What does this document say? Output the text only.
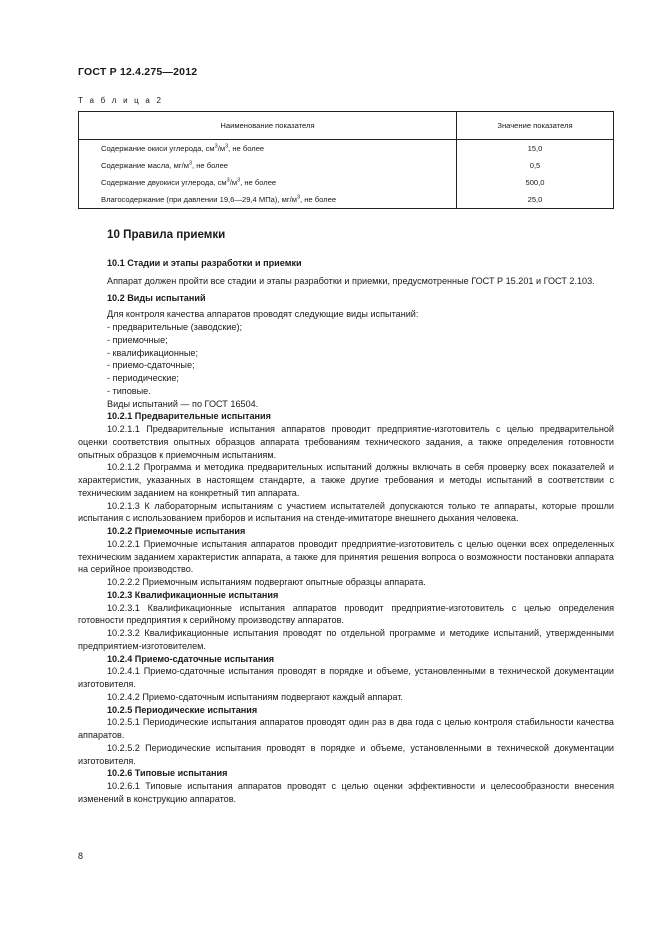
ГОСТ Р 12.4.275—2012
Т а б л и ц а 2
Наименование показателя	Значение показателя
Содержание окиси углерода, $см^3/м^3$, не более	15,0
Содержание масла, $мг/м^3$, не более	0,5
Содержание двуокиси углерода, $см^3/м^3$, не более	500,0
Влагосодержание (при давлении 19,6—29,4 МПа), $мг/м^3$, не более	25,0
10 Правила приемки

10.1 Стадии и этапы разработки и приемки

Аппарат должен пройти все стадии и этапы разработки и приемки, предусмотренные ГОСТ Р 15.201 и ГОСТ 2.103.

10.2 Виды испытаний

Для контроля качества аппаратов проводят следующие виды испытаний:

- предварительные (заводские);

- приемочные;

- квалификационные;

- приемо-сдаточные;

- периодические;

- типовые.

Виды испытаний — по ГОСТ 16504.

10.2.1 Предварительные испытания

10.2.1.1 Предварительные испытания аппаратов проводит предприятие-изготовитель с целью предварительной оценки соответствия опытных образцов аппарата требованиям технического задания, а также определения готовности опытных образцов к приемочным испытаниям.

10.2.1.2 Программа и методика предварительных испытаний должны включать в себя проверку всех показателей и характеристик, указанных в настоящем стандарте, а также другие требования и методы испытаний в соответствии с техническим заданием на конкретный тип аппарата.

10.2.1.3 К лабораторным испытаниям с участием испытателей допускаются только те аппараты, которые прошли испытания с использованием приборов и испытания на стенде-имитаторе внешнего дыхания человека.

10.2.2 Приемочные испытания

10.2.2.1 Приемочные испытания аппаратов проводит предприятие-изготовитель с целью оценки всех определенных техническим заданием характеристик аппарата, а также для принятия решения вопроса о возможности постановки аппарата на серийное производство.

10.2.2.2 Приемочным испытаниям подвергают опытные образцы аппарата.

10.2.3 Квалификационные испытания

10.2.3.1 Квалификационные испытания аппаратов проводит предприятие-изготовитель с целью определения готовности предприятия к серийному производству аппаратов.

10.2.3.2 Квалификационные испытания проводят по отдельной программе и методике испытаний, утвержденными предприятием-изготовителем.

10.2.4 Приемо-сдаточные испытания

10.2.4.1 Приемо-сдаточные испытания проводят в порядке и объеме, установленными в технической документации изготовителя.

10.2.4.2 Приемо-сдаточным испытаниям подвергают каждый аппарат.

10.2.5 Периодические испытания

10.2.5.1 Периодические испытания аппаратов проводят один раз в два года с целью контроля стабильности качества аппаратов.

10.2.5.2 Периодические испытания проводят в порядке и объеме, установленными в технической документации изготовителя.

10.2.6 Типовые испытания

10.2.6.1 Типовые испытания аппаратов проводят с целью оценки эффективности и целесообразности внесения изменений в конструкцию аппаратов.

8
